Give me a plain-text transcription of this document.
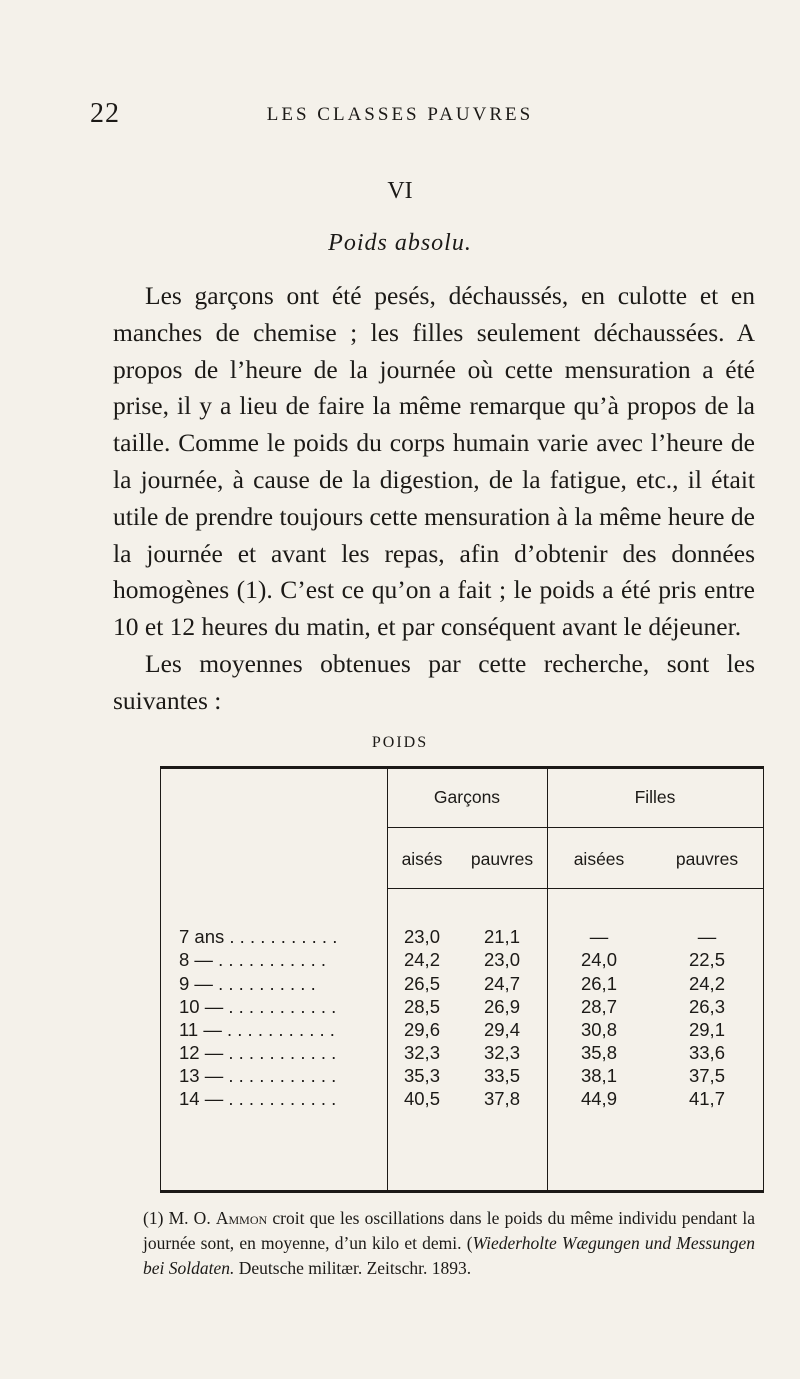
22	LES CLASSES PAUVRES
VI
Poids absolu.

Les garçons ont été pesés, déchaussés, en culotte et en manches de chemise ; les filles seulement déchaussées. A propos de l’heure de la journée où cette mensuration a été prise, il y a lieu de faire la même remarque qu’à propos de la taille. Comme le poids du corps humain varie avec l’heure de la journée, à cause de la digestion, de la fatigue, etc., il était utile de prendre toujours cette mensuration à la même heure de la journée et avant les repas, afin d’obtenir des données homogènes (1). C’est ce qu’on a fait ; le poids a été pris entre 10 et 12 heures du matin, et par conséquent avant le déjeuner.

Les moyennes obtenues par cette recherche, sont les suivantes :

POIDS
Garçons	Filles
aisés	pauvres	aisées	pauvres
7 ans . . . . . . . . . . .	23,0	21,1	—	—
8 — . . . . . . . . . . .	24,2	23,0	24,0	22,5
9 — . . . . . . . . . .	26,5	24,7	26,1	24,2
10 — . . . . . . . . . . .	28,5	26,9	28,7	26,3
11 — . . . . . . . . . . .	29,6	29,4	30,8	29,1
12 — . . . . . . . . . . .	32,3	32,3	35,8	33,6
13 — . . . . . . . . . . .	35,3	33,5	38,1	37,5
14 — . . . . . . . . . . .	40,5	37,8	44,9	41,7

(1) M. O. Ammon croit que les oscillations dans le poids du même individu pendant la journée sont, en moyenne, d’un kilo et demi. (Wiederholte Wægungen und Messungen bei Soldaten. Deutsche militær. Zeitschr. 1893.
